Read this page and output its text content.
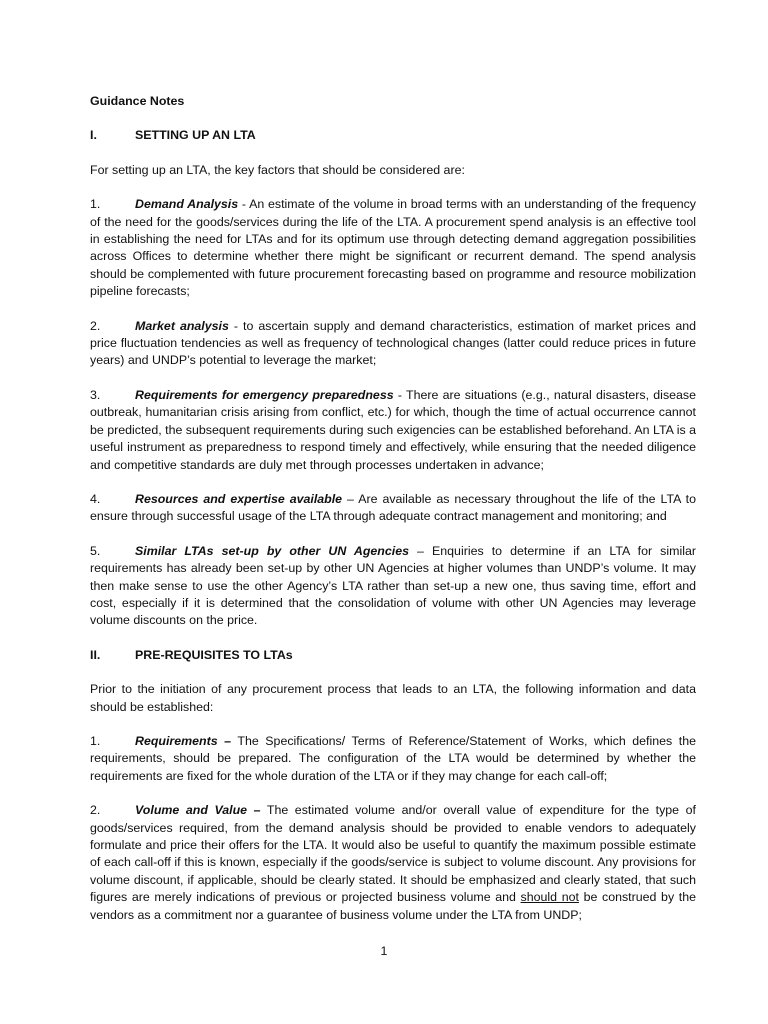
Guidance Notes
I.	SETTING UP AN LTA

For setting up an LTA, the key factors that should be considered are:

1.	Demand Analysis - An estimate of the volume in broad terms with an understanding of the frequency of the need for the goods/services during the life of the LTA. A procurement spend analysis is an effective tool in establishing the need for LTAs and for its optimum use through detecting demand aggregation possibilities across Offices to determine whether there might be significant or recurrent demand. The spend analysis should be complemented with future procurement forecasting based on programme and resource mobilization pipeline forecasts;
2.	Market analysis - to ascertain supply and demand characteristics, estimation of market prices and price fluctuation tendencies as well as frequency of technological changes (latter could reduce prices in future years) and UNDP’s potential to leverage the market;
3.	Requirements for emergency preparedness - There are situations (e.g., natural disasters, disease outbreak, humanitarian crisis arising from conflict, etc.) for which, though the time of actual occurrence cannot be predicted, the subsequent requirements during such exigencies can be established beforehand. An LTA is a useful instrument as preparedness to respond timely and effectively, while ensuring that the needed diligence and competitive standards are duly met through processes undertaken in advance;
4.	Resources and expertise available – Are available as necessary throughout the life of the LTA to ensure through successful usage of the LTA through adequate contract management and monitoring; and
5.	Similar LTAs set-up by other UN Agencies – Enquiries to determine if an LTA for similar requirements has already been set-up by other UN Agencies at higher volumes than UNDP’s volume. It may then make sense to use the other Agency’s LTA rather than set-up a new one, thus saving time, effort and cost, especially if it is determined that the consolidation of volume with other UN Agencies may leverage volume discounts on the price.
II.	PRE-REQUISITES TO LTAs

Prior to the initiation of any procurement process that leads to an LTA, the following information and data should be established:

1.	Requirements – The Specifications/ Terms of Reference/Statement of Works, which defines the requirements, should be prepared. The configuration of the LTA would be determined by whether the requirements are fixed for the whole duration of the LTA or if they may change for each call-off;
2.	Volume and Value – The estimated volume and/or overall value of expenditure for the type of goods/services required, from the demand analysis should be provided to enable vendors to adequately formulate and price their offers for the LTA. It would also be useful to quantify the maximum possible estimate of each call-off if this is known, especially if the goods/service is subject to volume discount. Any provisions for volume discount, if applicable, should be clearly stated. It should be emphasized and clearly stated, that such figures are merely indications of previous or projected business volume and should not be construed by the vendors as a commitment nor a guarantee of business volume under the LTA from UNDP;
1
